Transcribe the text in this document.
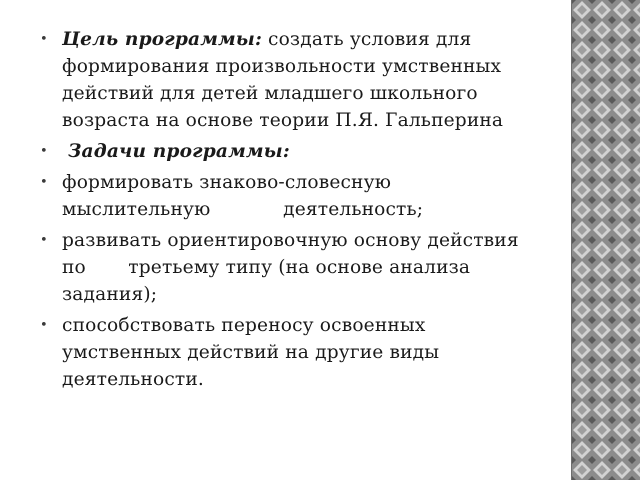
• Цель программы: создать условия для формирования произвольности умственных действий для детей младшего школьного возраста на основе теории П.Я. Гальперина
• Задачи программы:
• формировать знаково-словесную мыслительную            деятельность;
• развивать ориентировочную основу действия по       третьему типу (на основе анализа задания);
• способствовать переносу освоенных умственных действий на другие виды деятельности.
